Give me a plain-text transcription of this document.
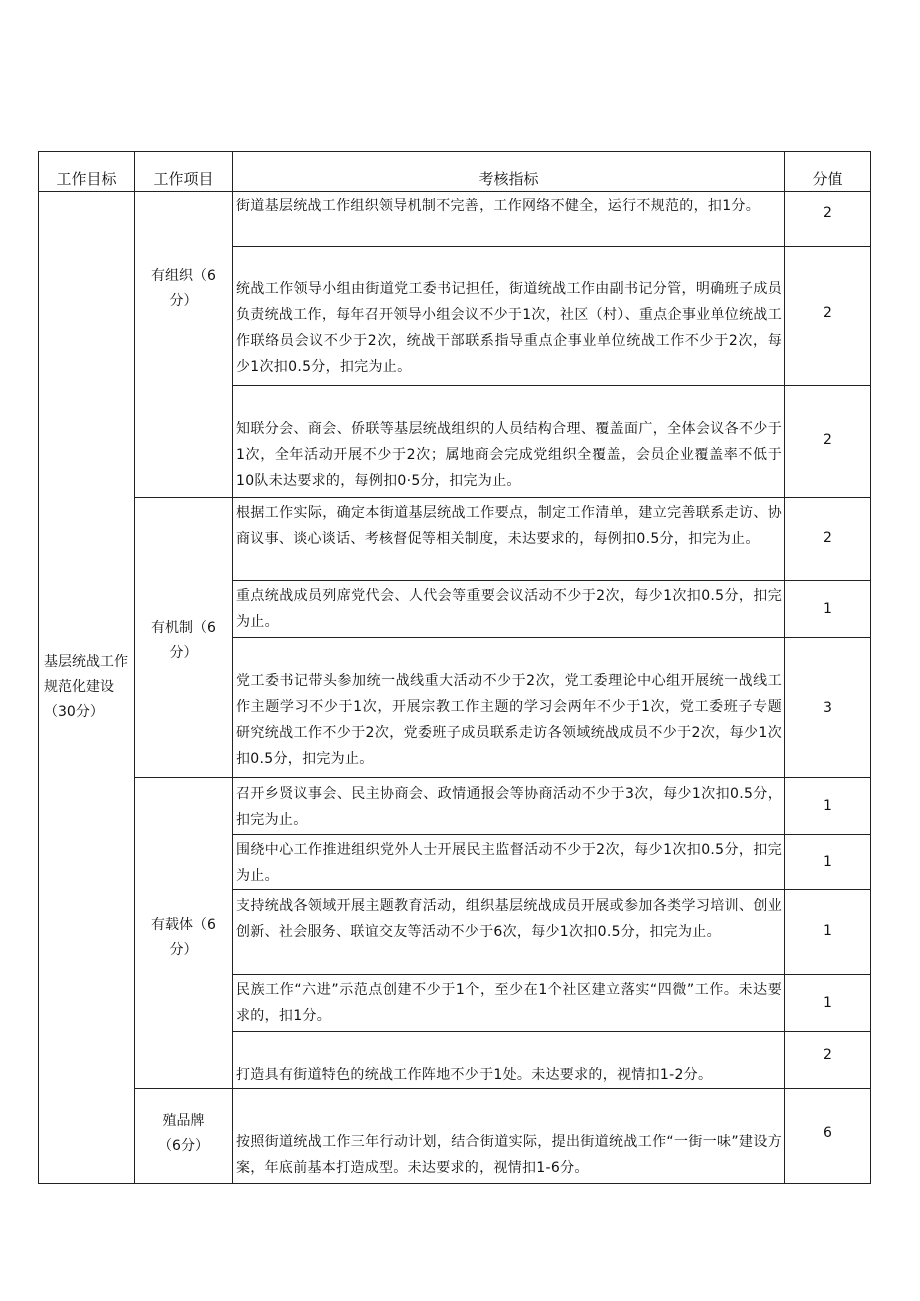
工作目标	工作项目	考核指标	分值
基层统战工作规范化建设（30分）	有组织（6分）	街道基层统战工作组织领导机制不完善，工作网络不健全，运行不规范的，扣1分。	2

		统战工作领导小组由街道党工委书记担任，街道统战工作由副书记分管，明确班子成员负责统战工作，每年召开领导小组会议不少于1次，社区（村）、重点企事业单位统战工作联络员会议不少于2次，统战干部联系指导重点企事业单位统战工作不少于2次，每少1次扣0.5分，扣完为止。	2

		知联分会、商会、侨联等基层统战组织的人员结构合理、覆盖面广，全体会议各不少于1次，全年活动开展不少于2次；属地商会完成党组织全覆盖，会员企业覆盖率不低于10队未达要求的，每例扣0·5分，扣完为止。	2

	有机制（6分）	根据工作实际，确定本街道基层统战工作要点，制定工作清单，建立完善联系走访、协商议事、谈心谈话、考核督促等相关制度，未达要求的，每例扣0.5分，扣完为止。	2

		重点统战成员列席党代会、人代会等重要会议活动不少于2次，每少1次扣0.5分，扣完为止。	1

		党工委书记带头参加统一战线重大活动不少于2次，党工委理论中心组开展统一战线工作主题学习不少于1次，开展宗教工作主题的学习会两年不少于1次，党工委班子专题研究统战工作不少于2次，党委班子成员联系走访各领域统战成员不少于2次，每少1次扣0.5分，扣完为止。	3

	有载体（6分）	召开乡贤议事会、民主协商会、政情通报会等协商活动不少于3次，每少1次扣0.5分，扣完为止。	1

		围绕中心工作推进组织党外人士开展民主监督活动不少于2次，每少1次扣0.5分，扣完为止。	1

		支持统战各领域开展主题教育活动，组织基层统战成员开展或参加各类学习培训、创业创新、社会服务、联谊交友等活动不少于6次，每少1次扣0.5分，扣完为止。	1

		民族工作“六进”示范点创建不少于1个，至少在1个社区建立落实“四微”工作。未达要求的，扣1分。	1

		打造具有街道特色的统战工作阵地不少于1处。未达要求的，视情扣1-2分。	2

	殖品牌（6分）	按照街道统战工作三年行动计划，结合街道实际，提出街道统战工作“一街一味”建设方案，年底前基本打造成型。未达要求的，视情扣1-6分。	6
